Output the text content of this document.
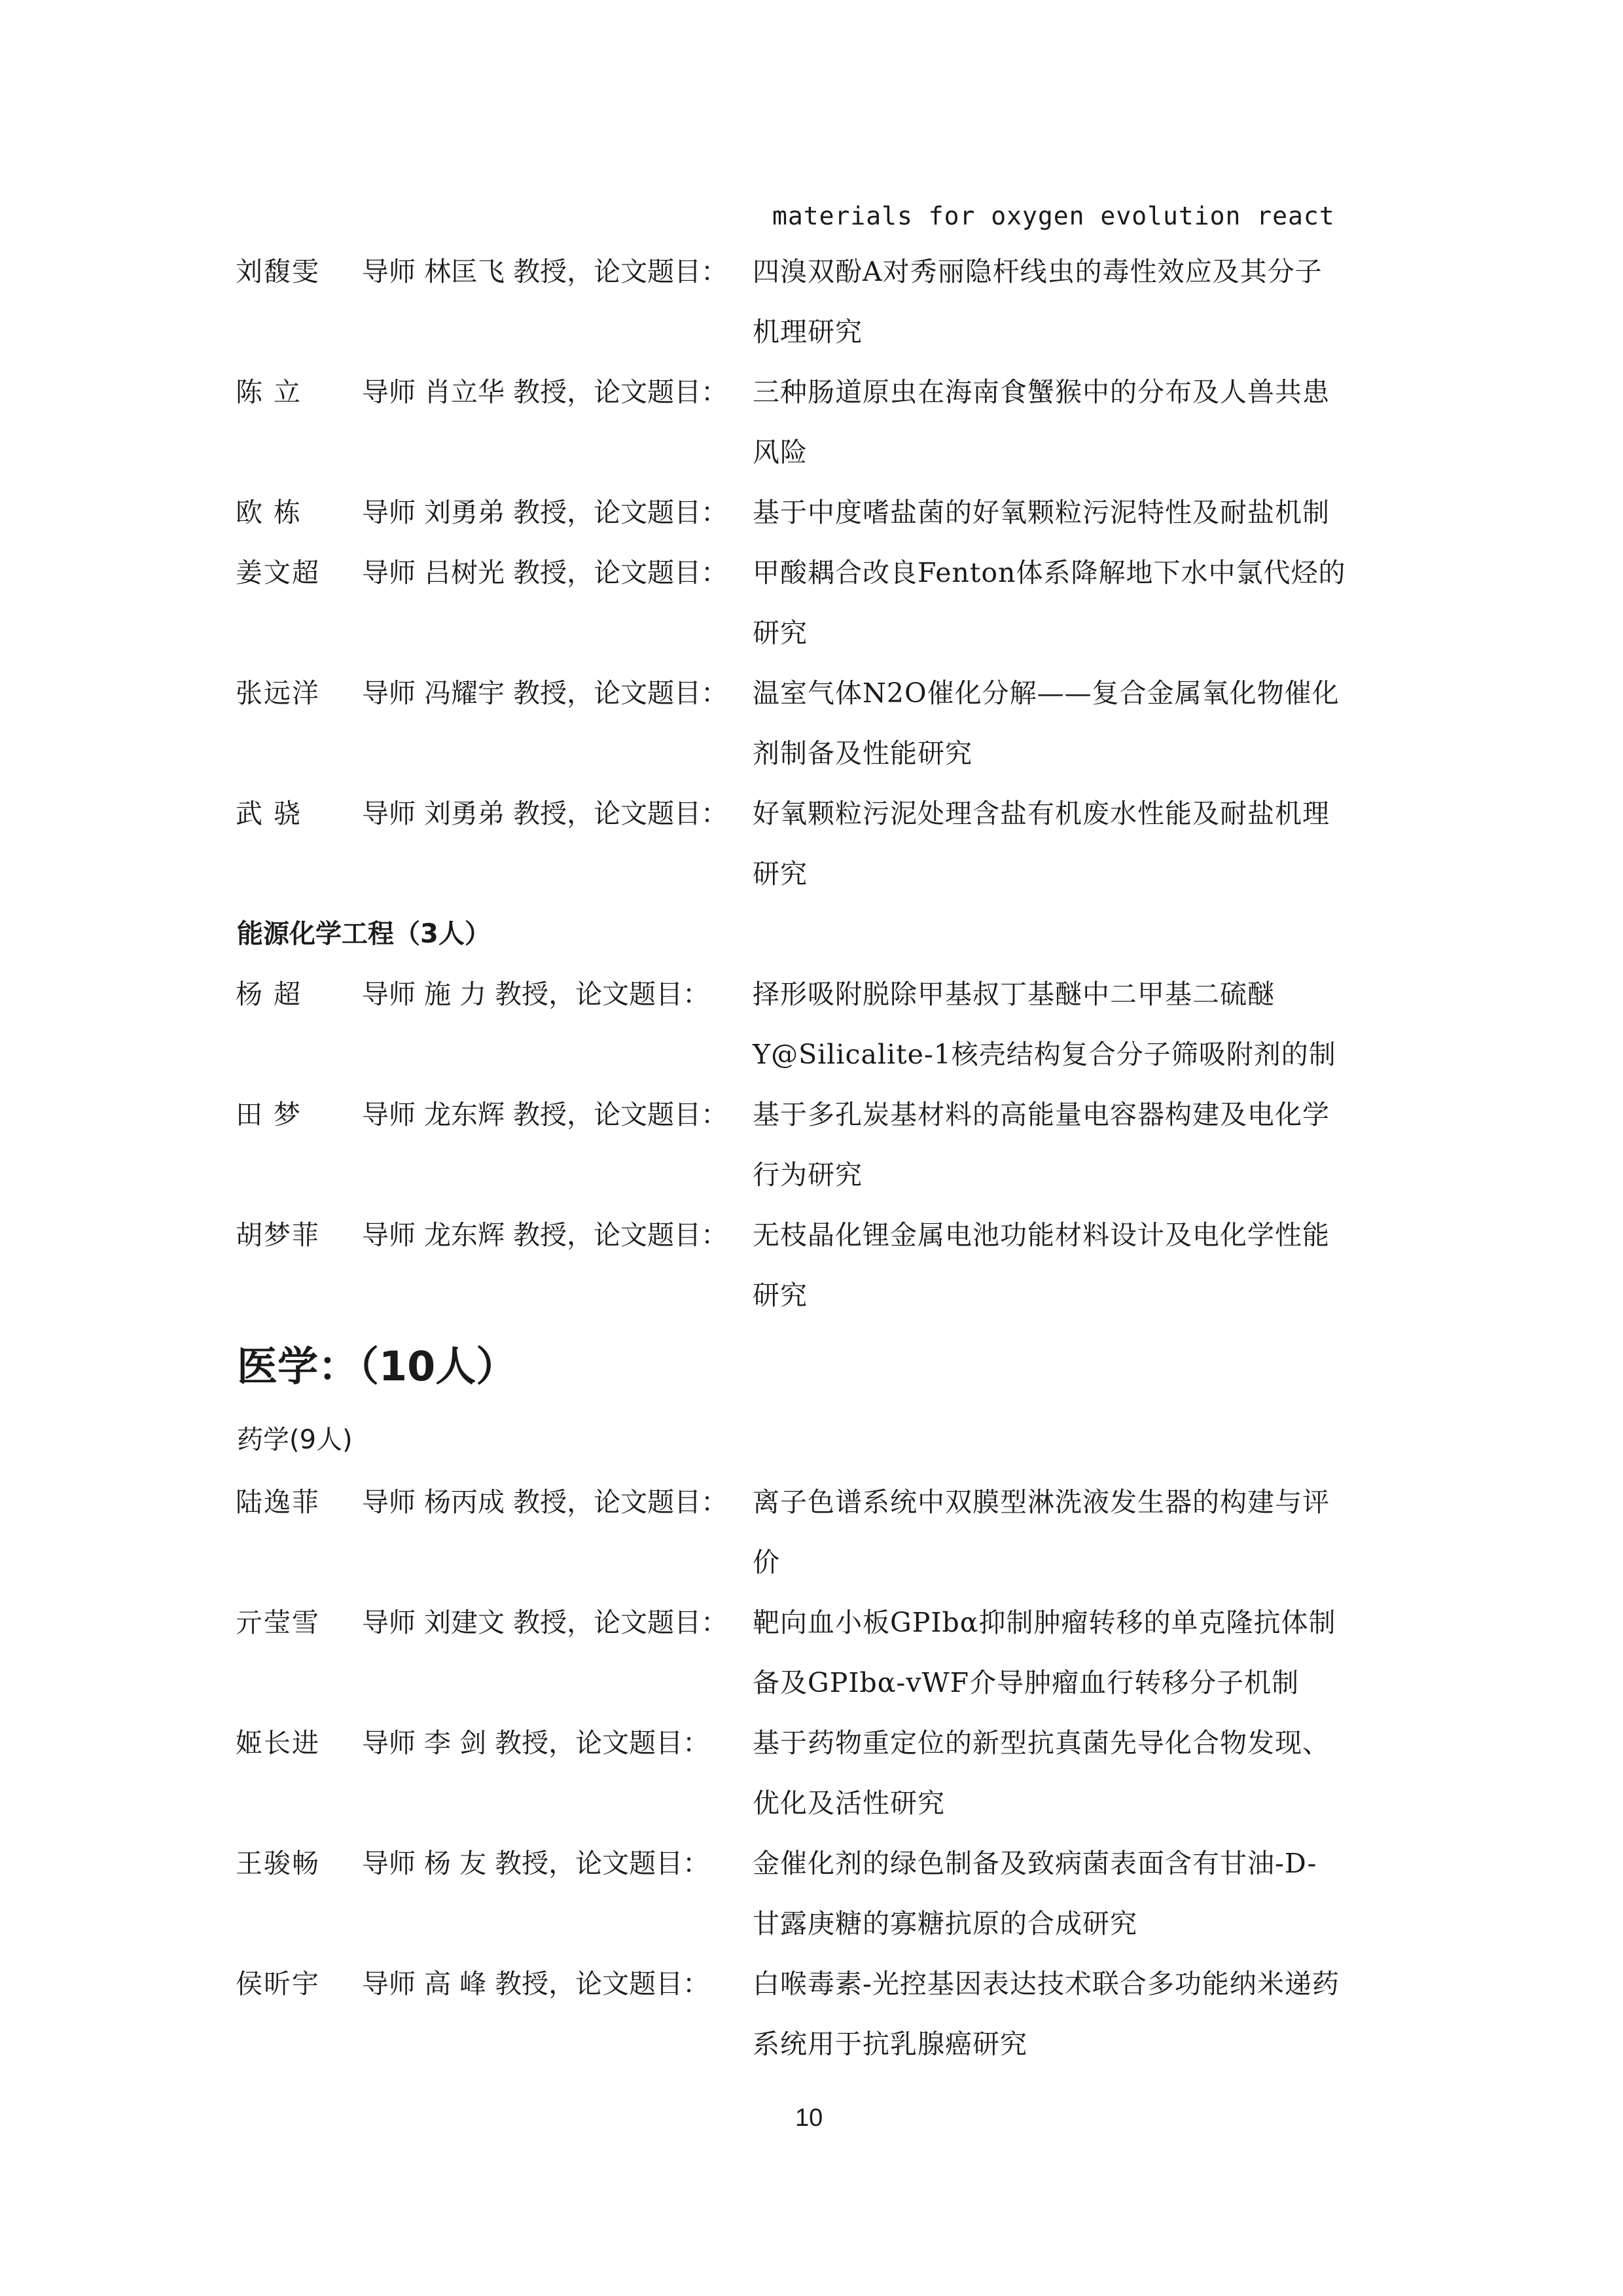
materials for oxygen evolution react
刘馥雯 导师 林匡飞 教授，论文题目： 四溴双酚A对秀丽隐杆线虫的毒性效应及其分子
机理研究
陈 立 导师 肖立华 教授，论文题目： 三种肠道原虫在海南食蟹猴中的分布及人兽共患
风险
欧 栋 导师 刘勇弟 教授，论文题目： 基于中度嗜盐菌的好氧颗粒污泥特性及耐盐机制
姜文超 导师 吕树光 教授，论文题目： 甲酸耦合改良Fenton体系降解地下水中氯代烃的
研究
张远洋 导师 冯耀宇 教授，论文题目： 温室气体N2O催化分解——复合金属氧化物催化
剂制备及性能研究
武 骁 导师 刘勇弟 教授，论文题目： 好氧颗粒污泥处理含盐有机废水性能及耐盐机理
研究
能源化学工程（3人）
杨 超 导师 施 力 教授，论文题目： 择形吸附脱除甲基叔丁基醚中二甲基二硫醚
Y@Silicalite-1核壳结构复合分子筛吸附剂的制
田 梦 导师 龙东辉 教授，论文题目： 基于多孔炭基材料的高能量电容器构建及电化学
行为研究
胡梦菲 导师 龙东辉 教授，论文题目： 无枝晶化锂金属电池功能材料设计及电化学性能
研究
医学：（10人）
药学(9人)
陆逸菲 导师 杨丙成 教授，论文题目： 离子色谱系统中双膜型淋洗液发生器的构建与评
价
亓莹雪 导师 刘建文 教授，论文题目： 靶向血小板GPIbα抑制肿瘤转移的单克隆抗体制
备及GPIbα-vWF介导肿瘤血行转移分子机制
姬长进 导师 李 剑 教授，论文题目： 基于药物重定位的新型抗真菌先导化合物发现、
优化及活性研究
王骏畅 导师 杨 友 教授，论文题目： 金催化剂的绿色制备及致病菌表面含有甘油-D-
甘露庚糖的寡糖抗原的合成研究
侯昕宇 导师 高 峰 教授，论文题目： 白喉毒素-光控基因表达技术联合多功能纳米递药
系统用于抗乳腺癌研究
10
